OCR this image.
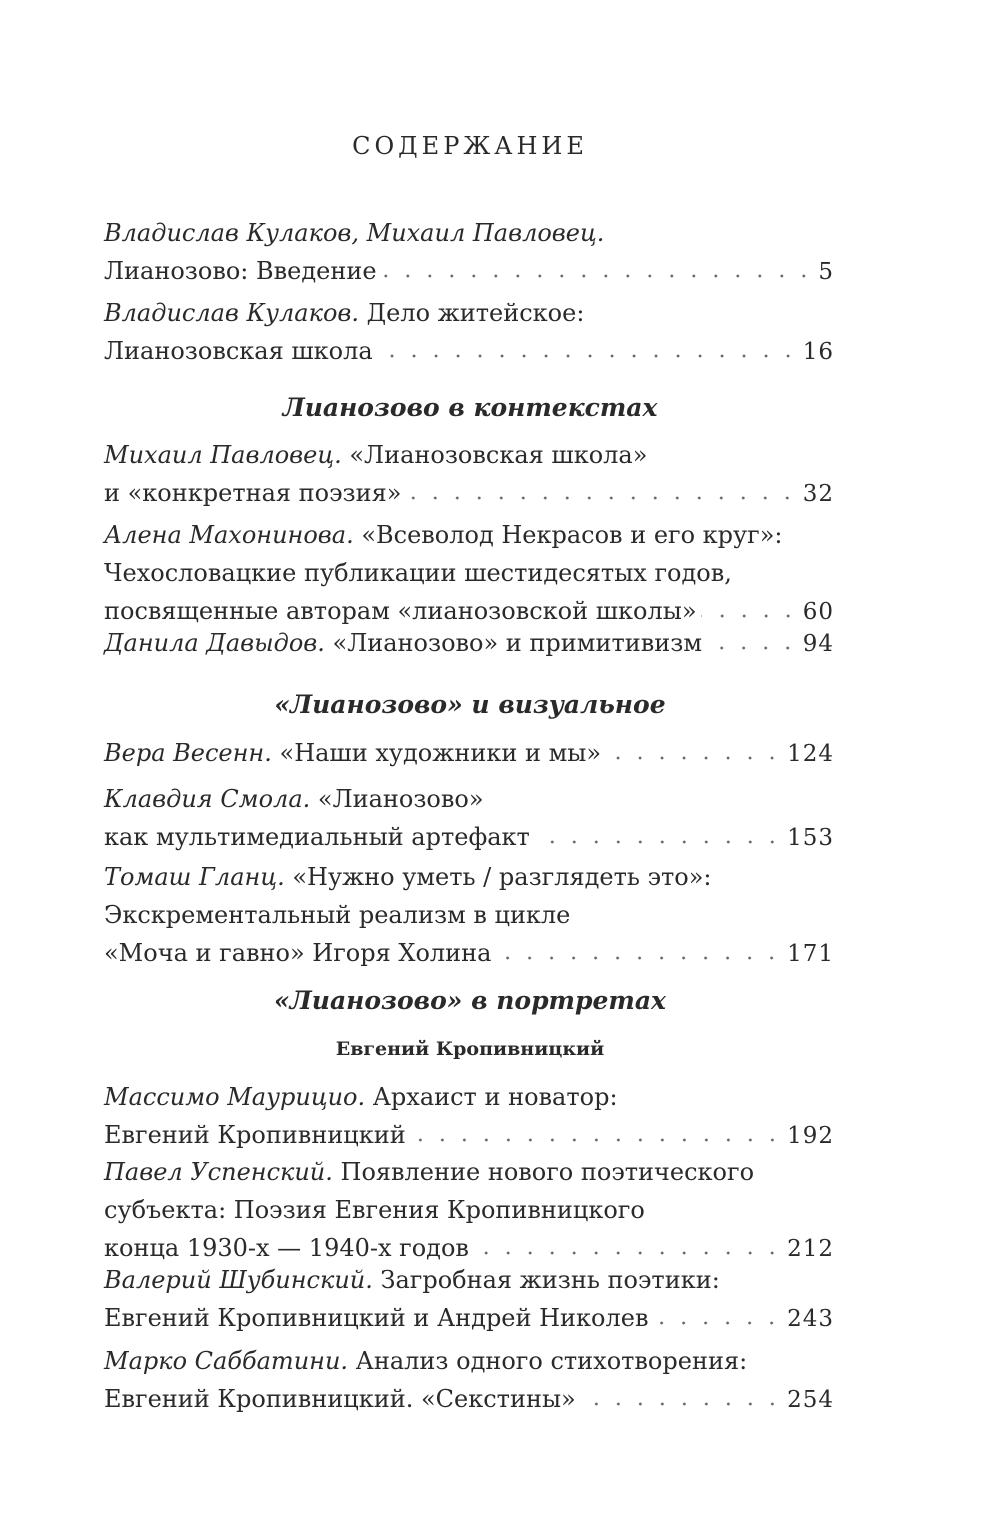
СОДЕРЖАНИЕ
Владислав Кулаков, Михаил Павловец.
Лианозово: Введение	5
Владислав Кулаков. Дело житейское:
Лианозовская школа	16
Лианозово в контекстах
Михаил Павловец. «Лианозовская школа»
и «конкретная поэзия»	32
Алена Махонинова. «Всеволод Некрасов и его круг»:
Чехословацкие публикации шестидесятых годов,
посвященные авторам «лианозовской школы»	60
Данила Давыдов. «Лианозово» и примитивизм	94
«Лианозово» и визуальное
Вера Весенн. «Наши художники и мы»	124
Клавдия Смола. «Лианозово»
как мультимедиальный артефакт	153
Томаш Гланц. «Нужно уметь / разглядеть это»:
Экскрементальный реализм в цикле
«Моча и гавно» Игоря Холина	171
«Лианозово» в портретах
Евгений Кропивницкий
Массимо Маурицио. Архаист и новатор:
Евгений Кропивницкий	192
Павел Успенский. Появление нового поэтического
субъекта: Поэзия Евгения Кропивницкого
конца 1930-х — 1940-х годов	212
Валерий Шубинский. Загробная жизнь поэтики:
Евгений Кропивницкий и Андрей Николев	243
Марко Саббатини. Анализ одного стихотворения:
Евгений Кропивницкий. «Секстины»	254
